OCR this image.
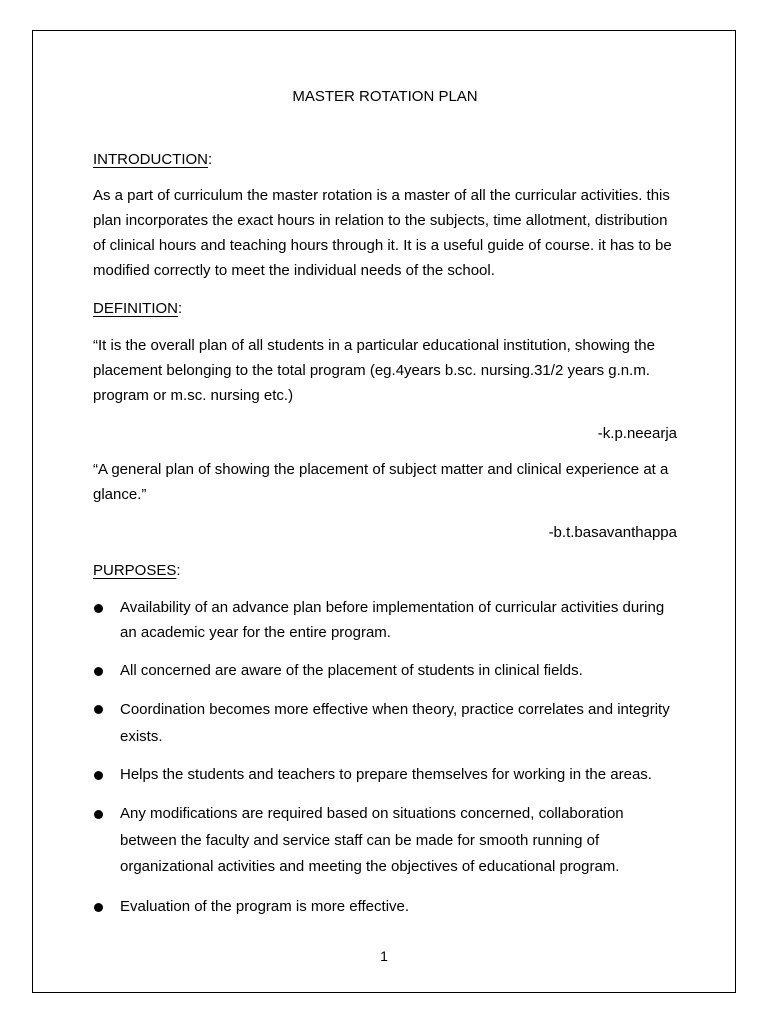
MASTER ROTATION PLAN
INTRODUCTION:
As a part of curriculum the master rotation is a master of all the curricular activities. this plan incorporates the exact hours in relation to the subjects, time allotment, distribution of clinical hours and teaching hours through it. It is a useful guide of course. it has to be modified correctly to meet the individual needs of the school.
DEFINITION:
“It is the overall plan of all students in a particular educational institution, showing the placement belonging to the total program (eg.4years b.sc. nursing.31/2 years g.n.m. program or m.sc. nursing etc.)
-k.p.neearja
“A general plan of showing the placement of subject matter and clinical experience at a glance.”
-b.t.basavanthappa
PURPOSES:
Availability of an advance plan before implementation of curricular activities during an academic year for the entire program.
All concerned are aware of the placement of students in clinical fields.
Coordination becomes more effective when theory, practice correlates and integrity exists.
Helps the students and teachers to prepare themselves for working in the areas.
Any modifications are required based on situations concerned, collaboration between the faculty and service staff can be made for smooth running of organizational activities and meeting the objectives of educational program.
Evaluation of the program is more effective.
1
